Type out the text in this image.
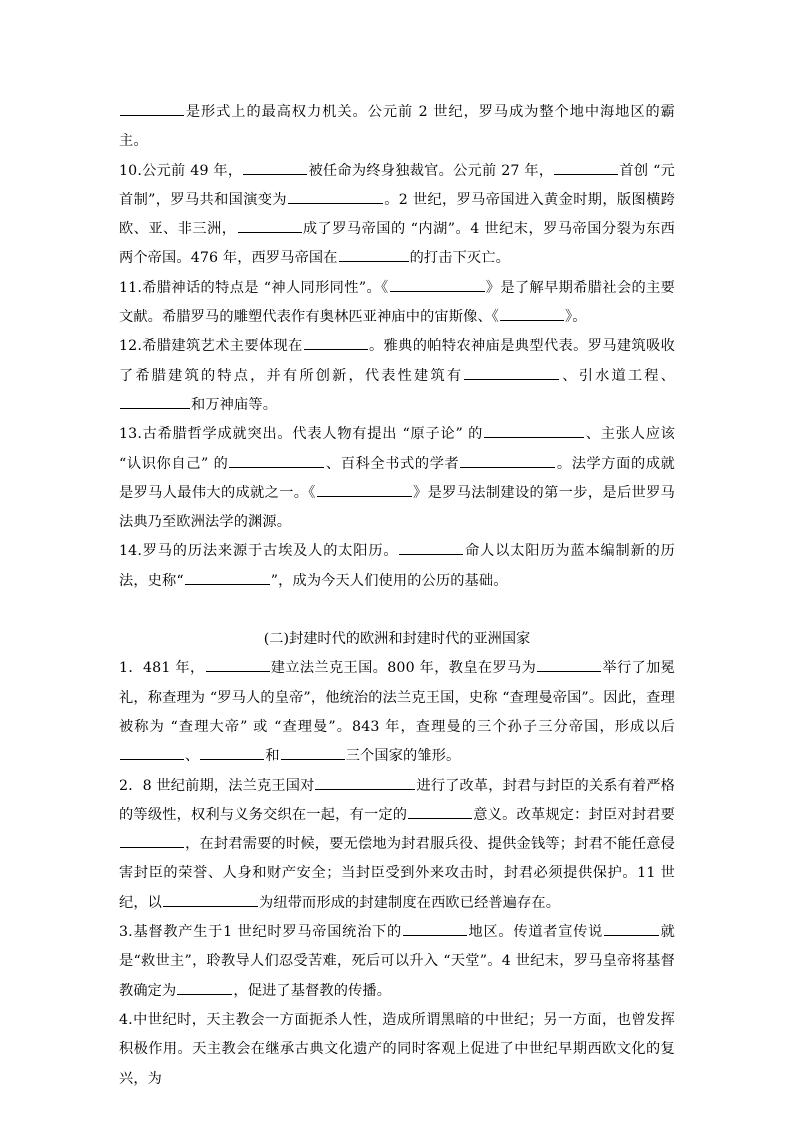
是形式上的最高权力机关。公元前 2 世纪，罗马成为整个地中海地区的霸主。

10.公元前 49 年，	被任命为终身独裁官。公元前 27 年，	首创 “元首制”，罗马共和国演变为	。2 世纪，罗马帝国进入黄金时期，版图横跨欧、亚、非三洲，	成了罗马帝国的 “内湖”。4 世纪末，罗马帝国分裂为东西两个帝国。476 年，西罗马帝国在	的打击下灭亡。

11.希腊神话的特点是 “神人同形同性”。《	》是了解早期希腊社会的主要文献。希腊罗马的雕塑代表作有奥林匹亚神庙中的宙斯像、《	》。

12.希腊建筑艺术主要体现在	。雅典的帕特农神庙是典型代表。罗马建筑吸收了希腊建筑的特点，并有所创新，代表性建筑有	、引水道工程、和万神庙等。

13.古希腊哲学成就突出。代表人物有提出 “原子论” 的	、主张人应该 “认识你自己” 的	、百科全书式的学者	。法学方面的成就是罗马人最伟大的成就之一。《	》是罗马法制建设的第一步，是后世罗马法典乃至欧洲法学的渊源。

14.罗马的历法来源于古埃及人的太阳历。	命人以太阳历为蓝本编制新的历法，史称“	”，成为今天人们使用的公历的基础。

(二)封建时代的欧洲和封建时代的亚洲国家

1．481 年，	建立法兰克王国。800 年，教皇在罗马为	举行了加冕礼，称查理为 “罗马人的皇帝”，他统治的法兰克王国，史称 “查理曼帝国”。因此，查理被称为 “查理大帝” 或 “查理曼”。843 年，查理曼的三个孙子三分帝国，形成以后、	和	三个国家的雏形。

2．8 世纪前期，法兰克王国对	进行了改革，封君与封臣的关系有着严格的等级性，权利与义务交织在一起，有一定的	意义。改革规定：封臣对封君要，在封君需要的时候，要无偿地为封君服兵役、提供金钱等；封君不能任意侵害封臣的荣誉、人身和财产安全；当封臣受到外来攻击时，封君必须提供保护。11 世纪，以	为纽带而形成的封建制度在西欧已经普遍存在。

3.基督教产生于1 世纪时罗马帝国统治下的	地区。传道者宣传说	就是“救世主”，聆教导人们忍受苦难，死后可以升入 “天堂”。4 世纪末，罗马皇帝将基督教确定为	，促进了基督教的传播。

4.中世纪时，天主教会一方面扼杀人性，造成所谓黑暗的中世纪；另一方面，也曾发挥积极作用。天主教会在继承古典文化遗产的同时客观上促进了中世纪早期西欧文化的复兴，为
